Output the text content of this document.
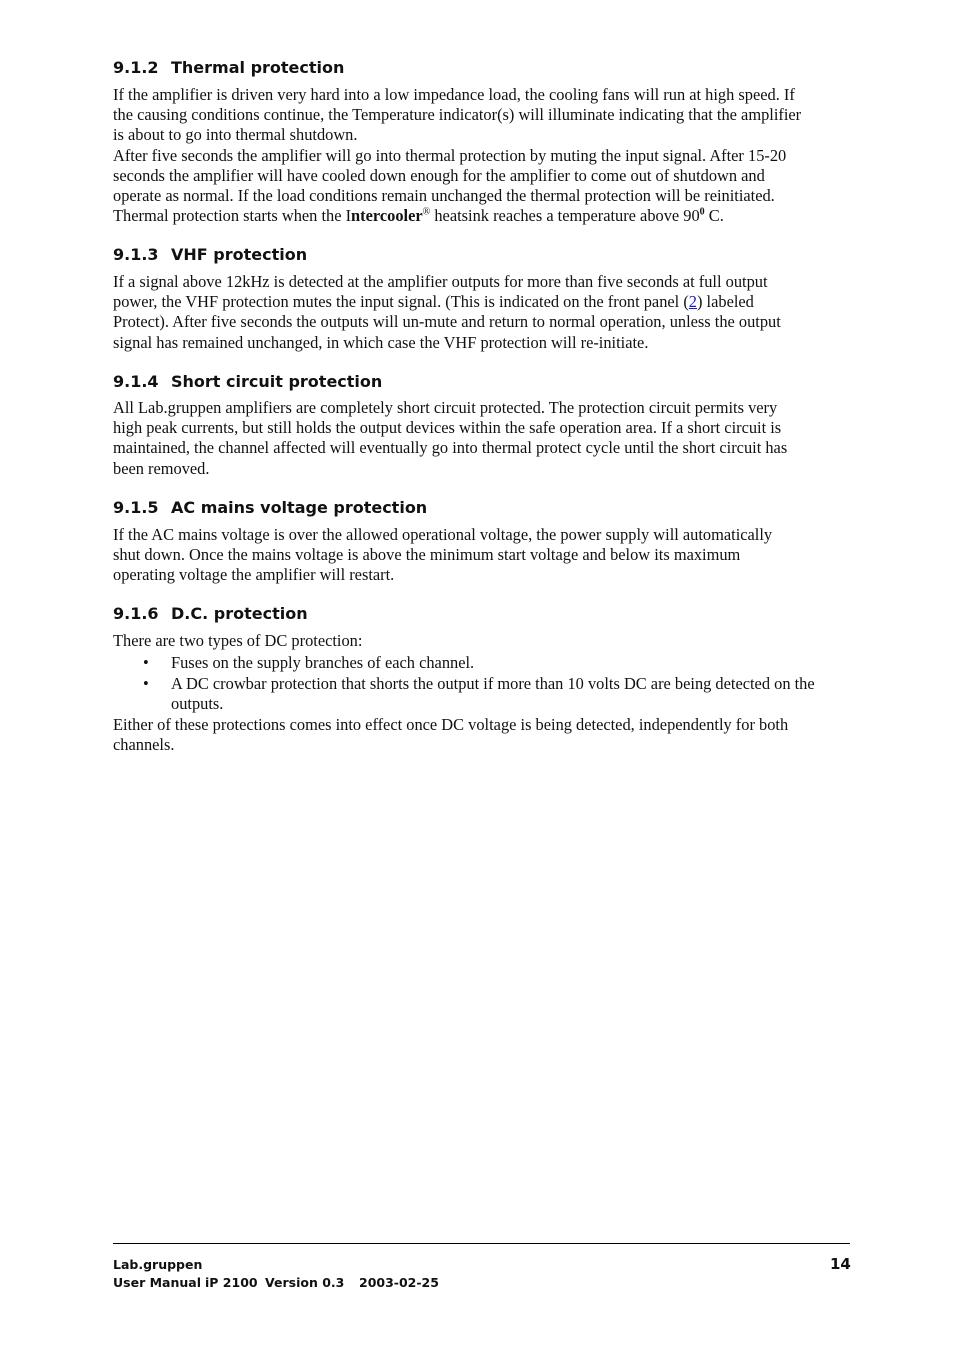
9.1.2 Thermal protection
If the amplifier is driven very hard into a low impedance load, the cooling fans will run at high speed. If
the causing conditions continue, the Temperature indicator(s) will illuminate indicating that the amplifier
is about to go into thermal shutdown.
After five seconds the amplifier will go into thermal protection by muting the input signal. After 15-20
seconds the amplifier will have cooled down enough for the amplifier to come out of shutdown and
operate as normal. If the load conditions remain unchanged the thermal protection will be reinitiated.
Thermal protection starts when the Intercooler® heatsink reaches a temperature above $90^0$ C.
9.1.3 VHF protection
If a signal above 12kHz is detected at the amplifier outputs for more than five seconds at full output
power, the VHF protection mutes the input signal. (This is indicated on the front panel (2) labeled
Protect). After five seconds the outputs will un-mute and return to normal operation, unless the output
signal has remained unchanged, in which case the VHF protection will re-initiate.
9.1.4 Short circuit protection
All Lab.gruppen amplifiers are completely short circuit protected. The protection circuit permits very
high peak currents, but still holds the output devices within the safe operation area. If a short circuit is
maintained, the channel affected will eventually go into thermal protect cycle until the short circuit has
been removed.
9.1.5 AC mains voltage protection
If the AC mains voltage is over the allowed operational voltage, the power supply will automatically
shut down. Once the mains voltage is above the minimum start voltage and below its maximum
operating voltage the amplifier will restart.
9.1.6 D.C. protection
There are two types of DC protection:
• Fuses on the supply branches of each channel.
• A DC crowbar protection that shorts the output if more than 10 volts DC are being detected on the
outputs.
Either of these protections comes into effect once DC voltage is being detected, independently for both
channels.
Lab.gruppen
User Manual iP 2100 Version 0.3 2003-02-25
14
